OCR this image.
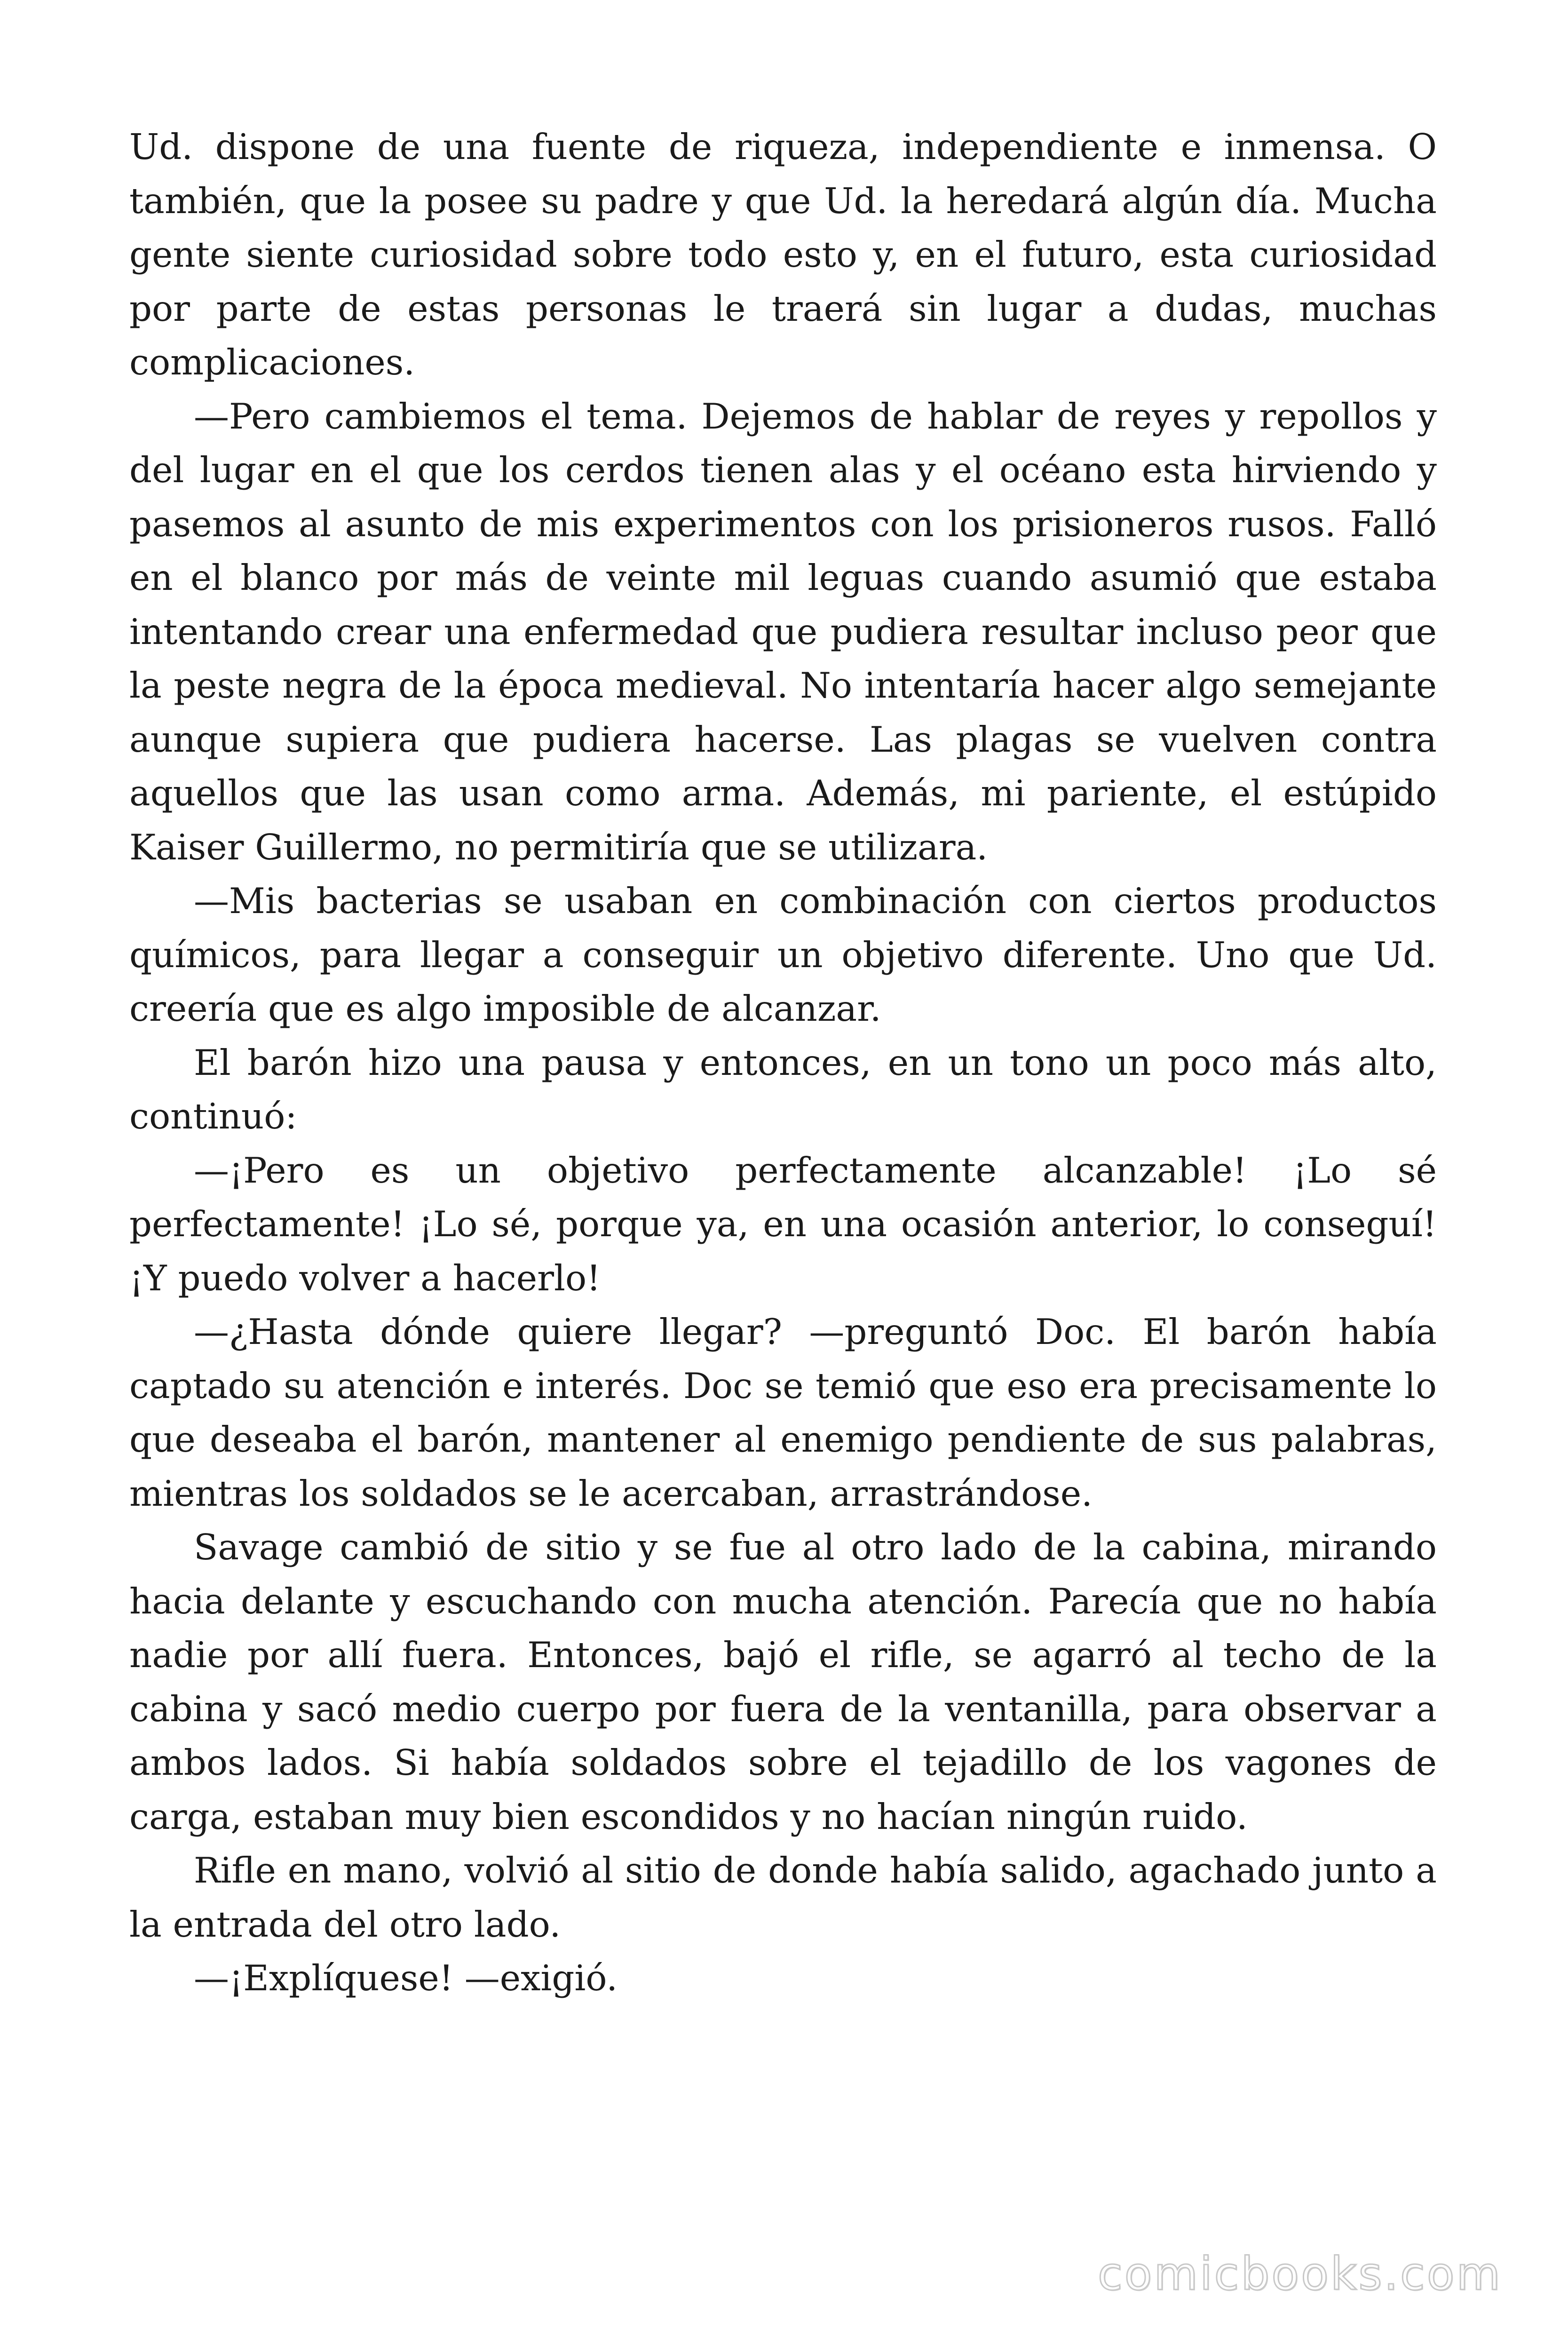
Ud. dispone de una fuente de riqueza, independiente e inmensa. O también, que la posee su padre y que Ud. la heredará algún día. Mucha gente siente curiosidad sobre todo esto y, en el futuro, esta curiosidad por parte de estas personas le traerá sin lugar a dudas, muchas complicaciones.

—Pero cambiemos el tema. Dejemos de hablar de reyes y repollos y del lugar en el que los cerdos tienen alas y el océano esta hirviendo y pasemos al asunto de mis experimentos con los prisioneros rusos. Falló en el blanco por más de veinte mil leguas cuando asumió que estaba intentando crear una enfermedad que pudiera resultar incluso peor que la peste negra de la época medieval. No intentaría hacer algo semejante aunque supiera que pudiera hacerse. Las plagas se vuelven contra aquellos que las usan como arma. Además, mi pariente, el estúpido Kaiser Guillermo, no permitiría que se utilizara.

—Mis bacterias se usaban en combinación con ciertos productos químicos, para llegar a conseguir un objetivo diferente. Uno que Ud. creería que es algo imposible de alcanzar.

El barón hizo una pausa y entonces, en un tono un poco más alto, continuó:

—¡Pero es un objetivo perfectamente alcanzable! ¡Lo sé perfectamente! ¡Lo sé, porque ya, en una ocasión anterior, lo conseguí! ¡Y puedo volver a hacerlo!

—¿Hasta dónde quiere llegar? —preguntó Doc. El barón había captado su atención e interés. Doc se temió que eso era precisamente lo que deseaba el barón, mantener al enemigo pendiente de sus palabras, mientras los soldados se le acercaban, arrastrándose.

Savage cambió de sitio y se fue al otro lado de la cabina, mirando hacia delante y escuchando con mucha atención. Parecía que no había nadie por allí fuera. Entonces, bajó el rifle, se agarró al techo de la cabina y sacó medio cuerpo por fuera de la ventanilla, para observar a ambos lados. Si había soldados sobre el tejadillo de los vagones de carga, estaban muy bien escondidos y no hacían ningún ruido.

Rifle en mano, volvió al sitio de donde había salido, agachado junto a la entrada del otro lado.

—¡Explíquese! —exigió.

comicbooks.com
